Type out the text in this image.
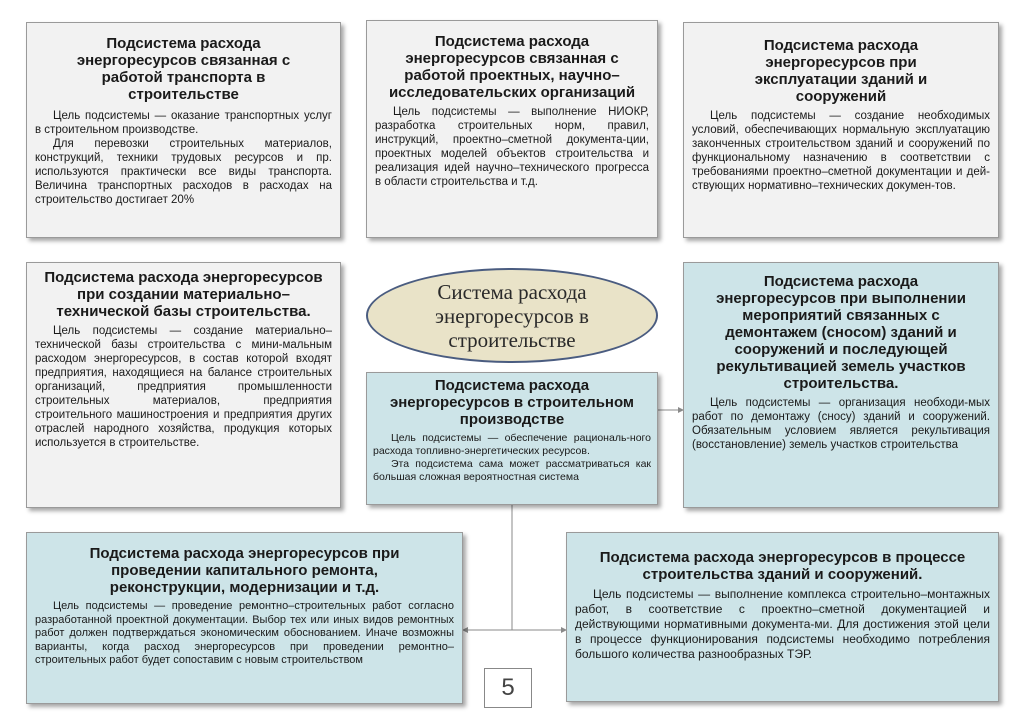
Подсистема расхода энергоресурсов связанная с работой транспорта в строительстве

Цель подсистемы — оказание транспортных услуг в строительном производстве.

Для перевозки строительных материалов, конструкций, техники трудовых ресурсов и пр. используются практически все виды транспорта. Величина транспортных расходов в расходах на строительство достигает 20%

Подсистема расхода энергоресурсов связанная с работой проектных, научно–исследовательских организаций

Цель подсистемы — выполнение НИОКР, разработка строительных норм, правил, инструкций, проектно–сметной документа-ции, проектных моделей объектов строительства и реализация идей научно–технического прогресса в области строительства и т.д.

Подсистема расхода энергоресурсов при эксплуатации зданий и сооружений

Цель подсистемы — создание необходимых условий, обеспечивающих нормальную эксплуатацию законченных строительством зданий и сооружений по функциональному назначению в соответствии с требованиями проектно–сметной документации и дей-ствующих нормативно–технических докумен-тов.

Подсистема расхода энергоресурсов при создании материально–технической базы строительства.

Цель подсистемы — создание материально–технической базы строительства с мини-мальным расходом энергоресурсов, в состав которой входят предприятия, находящиеся на балансе строительных организаций, предприятия промышленности строительных материалов, предприятия строительного машиностроения и предприятия других отраслей народного хозяйства, продукция которых используется в строительстве.

Система расхода энергоресурсов в строительстве
Подсистема расхода энергоресурсов в строительном производстве

Цель подсистемы — обеспечение рациональ-ного расхода топливно-энергетических ресурсов.

Эта подсистема сама может рассматриваться как большая сложная вероятностная система

Подсистема расхода энергоресурсов при выполнении мероприятий связанных с демонтажем (сносом) зданий и сооружений и последующей рекультивацией земель участков строительства.

Цель подсистемы — организация необходи-мых работ по демонтажу (сносу) зданий и сооружений. Обязательным условием является рекультивация (восстановление) земель участков строительства

Подсистема расхода энергоресурсов при проведении капитального ремонта, реконструкции, модернизации и т.д.

Цель подсистемы — проведение ремонтно–строительных работ согласно разработанной проектной документации. Выбор тех или иных видов ремонтных работ должен подтверждаться экономическим обоснованием. Иначе возможны варианты, когда расход энергоресурсов при проведении ремонтно–строительных работ будет сопоставим с новым строительством

Подсистема расхода энергоресурсов в процессе строительства зданий и сооружений.

Цель подсистемы — выполнение комплекса строительно–монтажных работ, в соответствие с проектно–сметной документацией и действующими нормативными документа-ми. Для достижения этой цели в процессе функционирования подсистемы необходимо потребления большого количества разнообразных ТЭР.

5
